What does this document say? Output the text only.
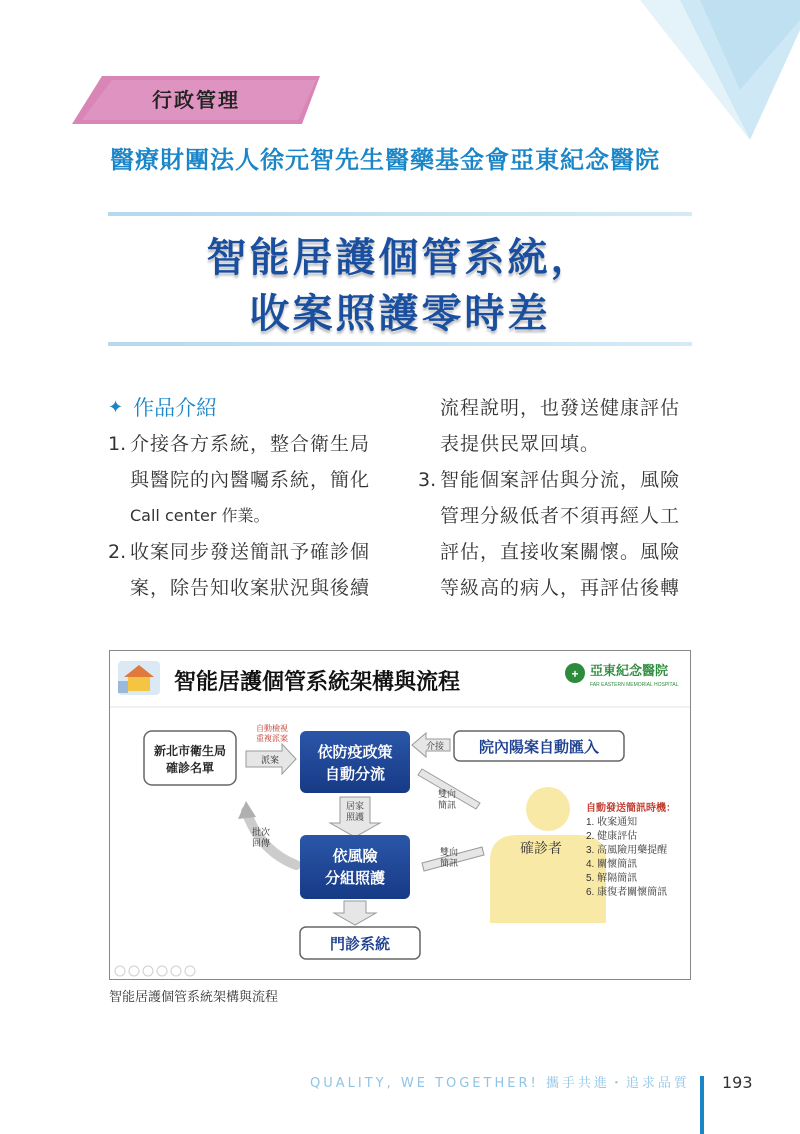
行政管理
醫療財團法人徐元智先生醫藥基金會亞東紀念醫院
智能居護個管系統，
收案照護零時差
✦ 作品介紹
1. 介接各方系統，整合衛生局
與醫院的內醫囑系統，簡化
Call center 作業。
2. 收案同步發送簡訊予確診個
案，除告知收案狀況與後續
流程說明，也發送健康評估
表提供民眾回填。
3. 智能個案評估與分流，風險
管理分級低者不須再經人工
評估，直接收案關懷。風險
等級高的病人，再評估後轉
智能居護個管系統架構與流程	+ 亞東紀念醫院
FAR EASTERN MEMORIAL HOSPITAL
確診者
新北市衛生局
確診名單
自動檢視
重複派案
派案	依防疫政策
自動分流
介接 院內陽案自動匯入
居家
照護
批次
回傳
依風險
分組照護
雙向
簡訊
雙向
簡訊
門診系統
自動發送簡訊時機：
1. 收案通知
2. 健康評估
3. 高風險用藥提醒
4. 關懷簡訊
5. 解隔簡訊
6. 康復者關懷簡訊
智能居護個管系統架構與流程
QUALITY, WE TOGETHER! 攜手共進・追求品質 193
